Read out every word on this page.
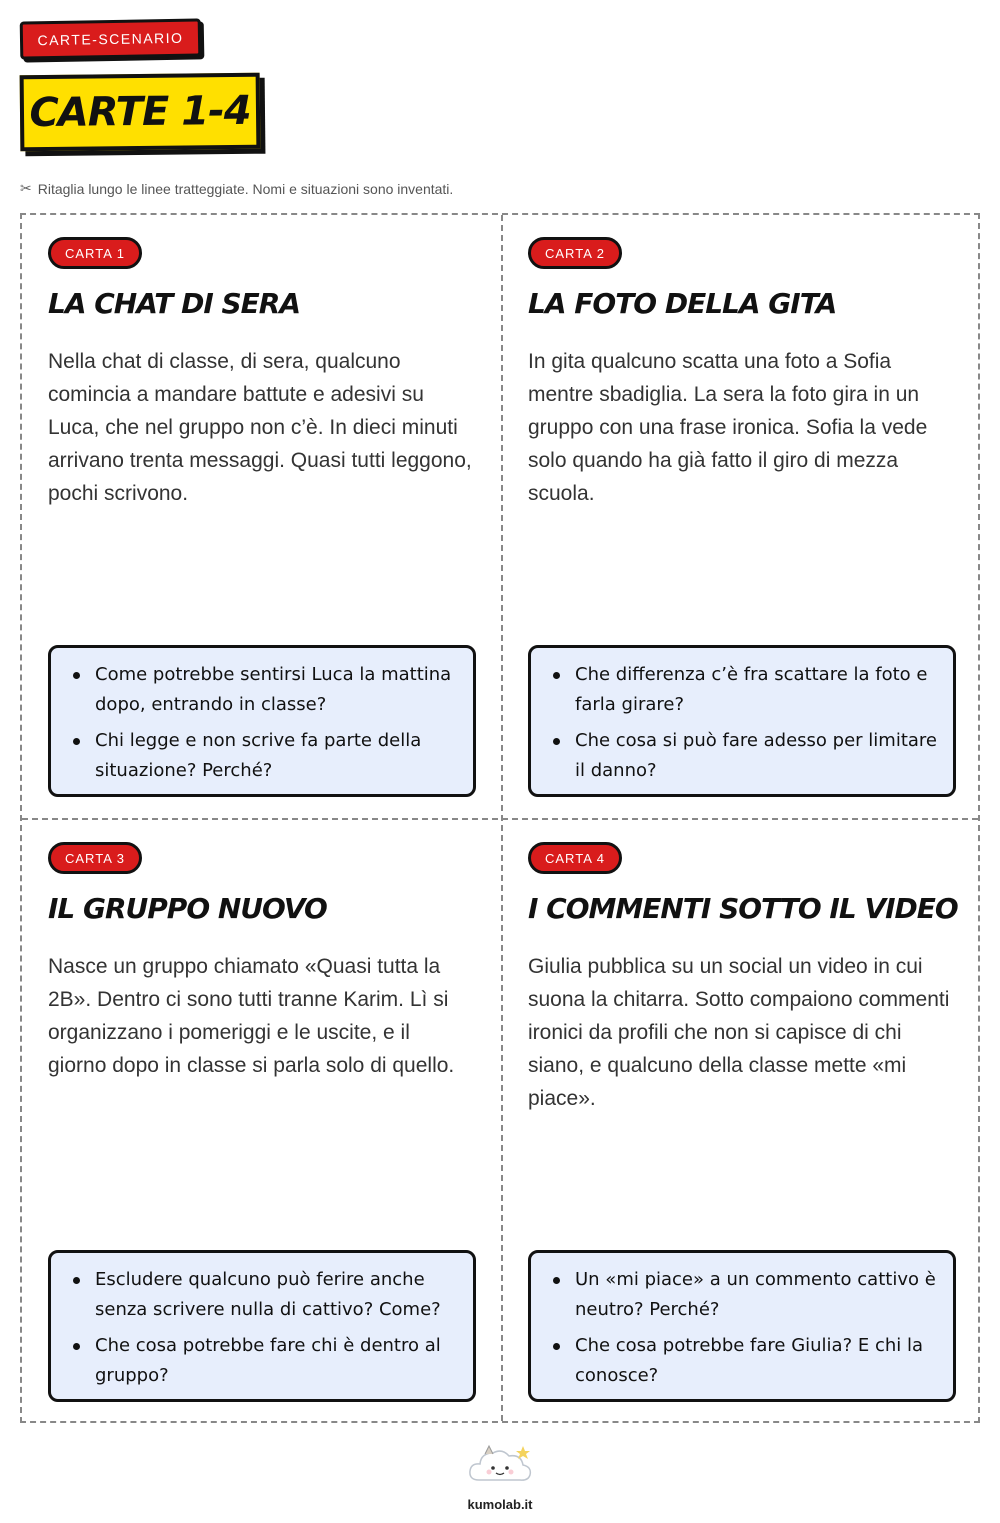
CARTE-SCENARIO
CARTE 1-4
✂ Ritaglia lungo le linee tratteggiate. Nomi e situazioni sono inventati.
CARTA 1
LA CHAT DI SERA

Nella chat di classe, di sera, qualcuno comincia a mandare battute e adesivi su Luca, che nel gruppo non c’è. In dieci minuti arrivano trenta messaggi. Quasi tutti leggono, pochi scrivono.

Come potrebbe sentirsi Luca la mattina dopo, entrando in classe?
Chi legge e non scrive fa parte della situazione? Perché?
CARTA 2
LA FOTO DELLA GITA

In gita qualcuno scatta una foto a Sofia mentre sbadiglia. La sera la foto gira in un gruppo con una frase ironica. Sofia la vede solo quando ha già fatto il giro di mezza scuola.

Che differenza c’è fra scattare la foto e farla girare?
Che cosa si può fare adesso per limitare il danno?
CARTA 3
IL GRUPPO NUOVO

Nasce un gruppo chiamato «Quasi tutta la 2B». Dentro ci sono tutti tranne Karim. Lì si organizzano i pomeriggi e le uscite, e il giorno dopo in classe si parla solo di quello.

Escludere qualcuno può ferire anche senza scrivere nulla di cattivo? Come?
Che cosa potrebbe fare chi è dentro al gruppo?
CARTA 4
I COMMENTI SOTTO IL VIDEO

Giulia pubblica su un social un video in cui suona la chitarra. Sotto compaiono commenti ironici da profili che non si capisce di chi siano, e qualcuno della classe mette «mi piace».

Un «mi piace» a un commento cattivo è neutro? Perché?
Che cosa potrebbe fare Giulia? E chi la conosce?
kumolab.it
